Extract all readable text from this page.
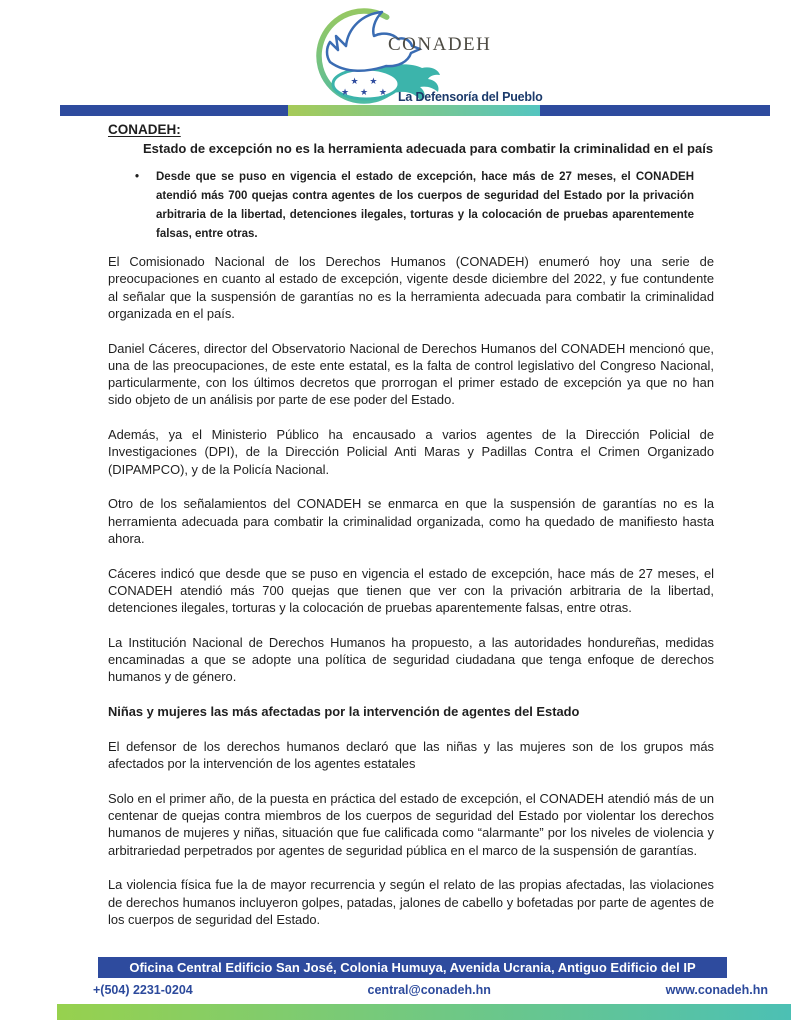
★ ★
★ ★ ★
CONADEH
La Defensoría del Pueblo
CONADEH:
Estado de excepción no es la herramienta adecuada para combatir la criminalidad en el país
•	Desde que se puso en vigencia el estado de excepción, hace más de 27 meses, el CONADEH atendió más 700 quejas contra agentes de los cuerpos de seguridad del Estado por la privación arbitraria de la libertad, detenciones ilegales, torturas y la colocación de pruebas aparentemente falsas, entre otras.

El Comisionado Nacional de los Derechos Humanos (CONADEH) enumeró hoy una serie de preocupaciones en cuanto al estado de excepción, vigente desde diciembre del 2022, y fue contundente al señalar que la suspensión de garantías no es la herramienta adecuada para combatir la criminalidad organizada en el país.

Daniel Cáceres, director del Observatorio Nacional de Derechos Humanos del CONADEH mencionó que, una de las preocupaciones, de este ente estatal, es la falta de control legislativo del Congreso Nacional, particularmente, con los últimos decretos que prorrogan el primer estado de excepción ya que no han sido objeto de un análisis por parte de ese poder del Estado.

Además, ya el Ministerio Público ha encausado a varios agentes de la Dirección Policial de Investigaciones (DPI), de la Dirección Policial Anti Maras y Padillas Contra el Crimen Organizado (DIPAMPCO), y de la Policía Nacional.

Otro de los señalamientos del CONADEH se enmarca en que la suspensión de garantías no es la herramienta adecuada para combatir la criminalidad organizada, como ha quedado de manifiesto hasta ahora.

Cáceres indicó que desde que se puso en vigencia el estado de excepción, hace más de 27 meses, el CONADEH atendió más 700 quejas que tienen que ver con la privación arbitraria de la libertad, detenciones ilegales, torturas y la colocación de pruebas aparentemente falsas, entre otras.

La Institución Nacional de Derechos Humanos ha propuesto, a las autoridades hondureñas, medidas encaminadas a que se adopte una política de seguridad ciudadana que tenga enfoque de derechos humanos y de género.

Niñas y mujeres las más afectadas por la intervención de agentes del Estado

El defensor de los derechos humanos declaró que las niñas y las mujeres son de los grupos más afectados por la intervención de los agentes estatales

Solo en el primer año, de la puesta en práctica del estado de excepción, el CONADEH atendió más de un centenar de quejas contra miembros de los cuerpos de seguridad del Estado por violentar los derechos humanos de mujeres y niñas, situación que fue calificada como “alarmante” por los niveles de violencia y arbitrariedad perpetrados por agentes de seguridad pública en el marco de la suspensión de garantías.

La violencia física fue la de mayor recurrencia y según el relato de las propias afectadas, las violaciones de derechos humanos incluyeron golpes, patadas, jalones de cabello y bofetadas por parte de agentes de los cuerpos de seguridad del Estado.

Oficina Central Edificio San José, Colonia Humuya, Avenida Ucrania, Antiguo Edificio del IP
+(504) 2231-0204	central@conadeh.hn	www.conadeh.hn
